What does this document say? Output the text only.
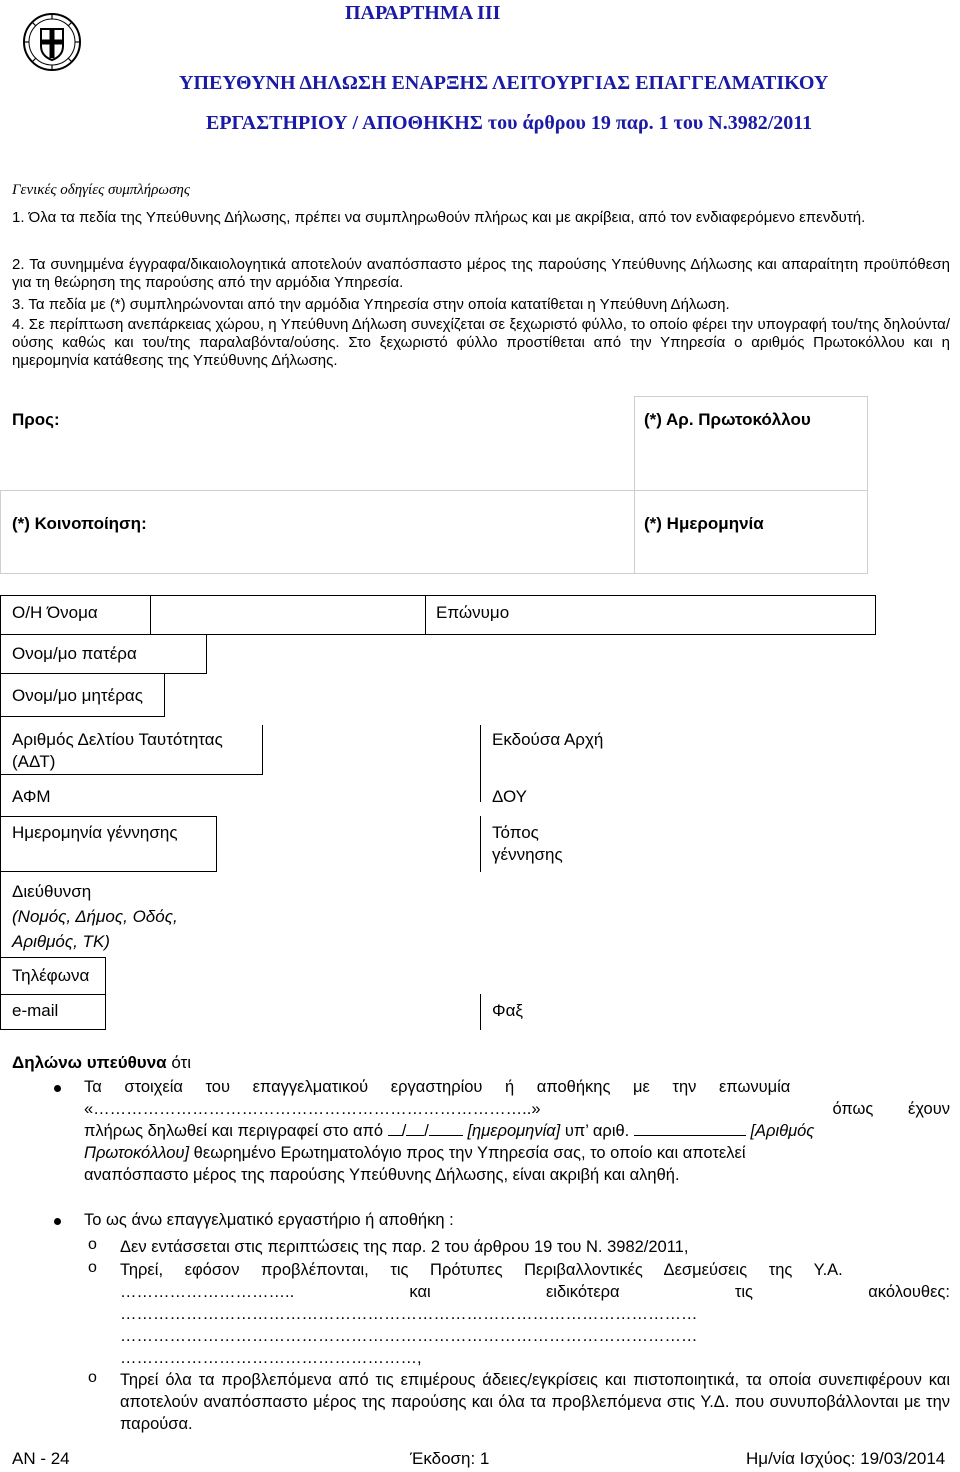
ΠΑΡΑΡΤΗΜΑ III
ΥΠΕΥΘΥΝΗ ΔΗΛΩΣΗ ΕΝΑΡΞΗΣ ΛΕΙΤΟΥΡΓΙΑΣ ΕΠΑΓΓΕΛΜΑΤΙΚΟΥ
ΕΡΓΑΣΤΗΡΙΟΥ / ΑΠΟΘΗΚΗΣ του άρθρου 19 παρ. 1 του Ν.3982/2011
Γενικές οδηγίες συμπλήρωσης
1. Όλα τα πεδία της Υπεύθυνης Δήλωσης, πρέπει να συμπληρωθούν πλήρως και με ακρίβεια, από τον ενδιαφερόμενο επενδυτή.
2. Τα συνημμένα έγγραφα/δικαιολογητικά αποτελούν αναπόσπαστο μέρος της παρούσης Υπεύθυνης Δήλωσης και απαραίτητη προϋπόθεση για τη θεώρηση της παρούσης από την αρμόδια Υπηρεσία.
3. Τα πεδία με (*) συμπληρώνονται από την αρμόδια Υπηρεσία στην οποία κατατίθεται η Υπεύθυνη Δήλωση.
4. Σε περίπτωση ανεπάρκειας χώρου, η Υπεύθυνη Δήλωση συνεχίζεται σε ξεχωριστό φύλλο, το οποίο φέρει την υπογραφή του/της δηλούντα/ούσης καθώς και του/της παραλαβόντα/ούσης. Στο ξεχωριστό φύλλο προστίθεται από την Υπηρεσία ο αριθμός Πρωτοκόλλου και η ημερομηνία κατάθεσης της Υπεύθυνης Δήλωσης.
Προς:	(*) Αρ. Πρωτοκόλλου
(*) Κοινοποίηση:	(*) Ημερομηνία
Ο/Η Όνομα	Επώνυμο
Ονομ/μο πατέρα
Ονομ/μο μητέρας
Αριθμός Δελτίου Ταυτότητας
(ΑΔΤ)
Εκδούσα Αρχή
ΑΦΜ	ΔΟΥ
Ημερομηνία γέννησης	Τόπος
γέννησης
Διεύθυνση
(Νομός, Δήμος, Οδός,
Αριθμός, ΤΚ)
Τηλέφωνα
e-mail	Φαξ
Δηλώνω υπεύθυνα ότι
Τα στοιχεία του επαγγελματικού εργαστηρίου ή αποθήκης με την επωνυμία
«……………………………………………………………………..»	όπως έχουν
πλήρως δηλωθεί και περιγραφεί στο από / / [ημερομηνία] υπ’ αριθ.	[Αριθμός
Πρωτοκόλλου] θεωρημένο Ερωτηματολόγιο προς την Υπηρεσία σας, το οποίο και αποτελεί
αναπόσπαστο μέρος της παρούσης Υπεύθυνης Δήλωσης, είναι ακριβή και αληθή.
Το ως άνω επαγγελματικό εργαστήριο ή αποθήκη :
o Δεν εντάσσεται στις περιπτώσεις της παρ. 2 του άρθρου 19 του Ν. 3982/2011,
o Τηρεί, εφόσον προβλέπονται, τις Πρότυπες Περιβαλλοντικές Δεσμεύσεις της Υ.Α.
…………………………..	και	ειδικότερα	τις	ακόλουθες:
……………………………………………………………………………………………
……………………………………………………………………………………………
………………………………………………,
o Τηρεί όλα τα προβλεπόμενα από τις επιμέρους άδειες/εγκρίσεις και πιστοποιητικά, τα οποία συνεπιφέρουν και αποτελούν αναπόσπαστο μέρος της παρούσης και όλα τα προβλεπόμενα στις Υ.Δ. που συνυποβάλλονται με την παρούσα.
ΑΝ - 24	Έκδοση: 1	Ημ/νία Ισχύος: 19/03/2014
